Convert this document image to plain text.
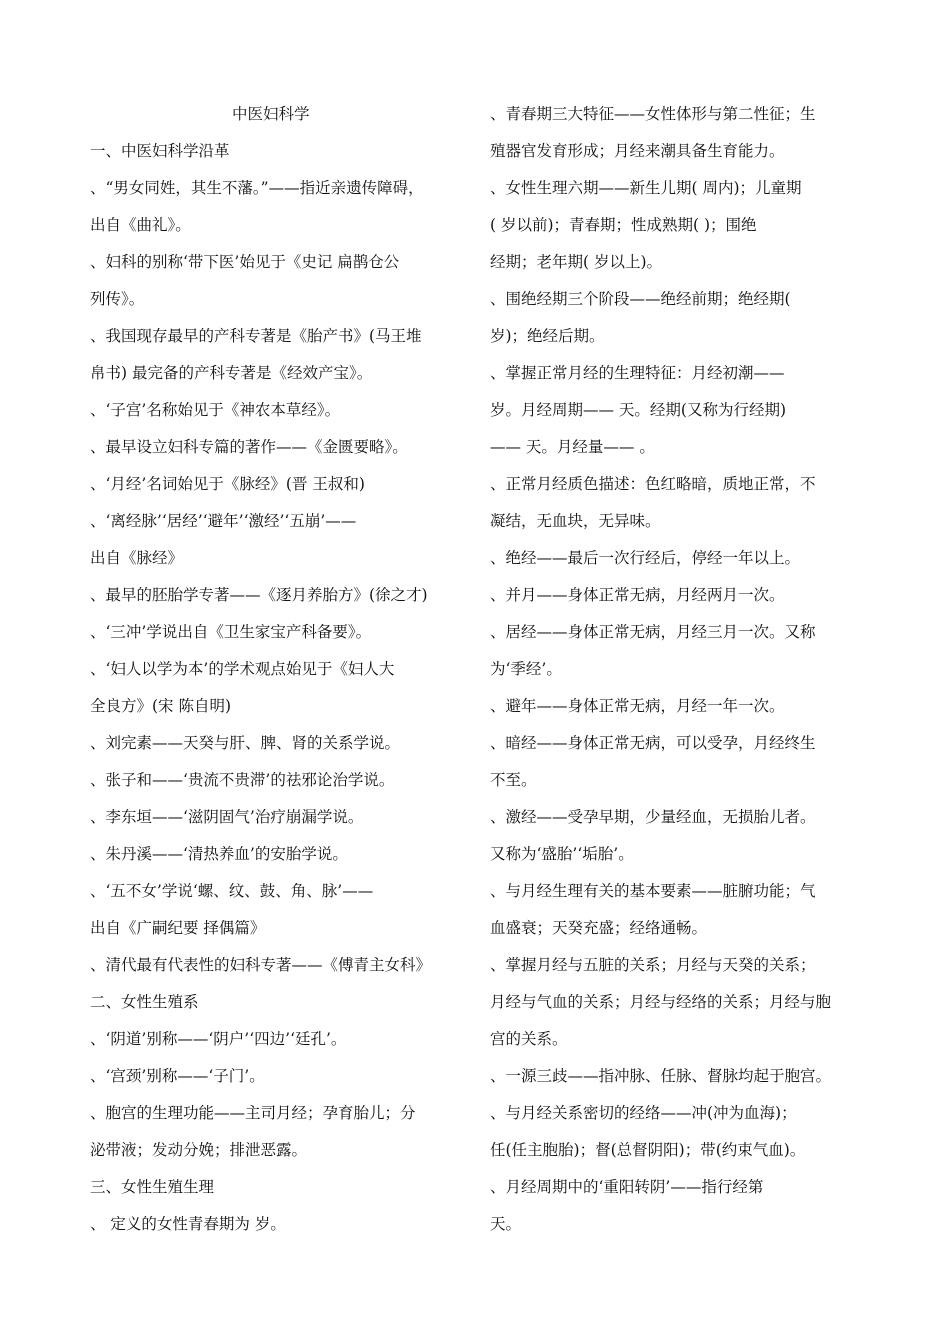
中医妇科学
一、中医妇科学沿革
、“男女同姓，其生不藩。”——指近亲遗传障碍，
出自《曲礼》。
、妇科的别称‘带下医’始见于《史记 扁鹊仓公
列传》。
、我国现存最早的产科专著是《胎产书》(马王堆
帛书) 最完备的产科专著是《经效产宝》。
、‘子宫’名称始见于《神农本草经》。
、最早设立妇科专篇的著作——《金匮要略》。
、‘月经’名词始见于《脉经》(晋 王叔和)
、‘离经脉’‘居经’‘避年’‘激经’‘五崩’——
出自《脉经》
、最早的胚胎学专著——《逐月养胎方》(徐之才)
、‘三冲’学说出自《卫生家宝产科备要》。
、‘妇人以学为本’的学术观点始见于《妇人大
全良方》(宋 陈自明)
、刘完素——天癸与肝、脾、肾的关系学说。
、张子和——‘贵流不贵滞’的祛邪论治学说。
、李东垣——‘滋阴固气’治疗崩漏学说。
、朱丹溪——‘清热养血’的安胎学说。
、‘五不女’学说‘螺、纹、鼓、角、脉’——
出自《广嗣纪要 择偶篇》
、清代最有代表性的妇科专著——《傅青主女科》
二、女性生殖系
、‘阴道’别称——‘阴户’‘四边’‘廷孔’。
、‘宫颈’别称——‘子门’。
、胞宫的生理功能——主司月经；孕育胎儿；分
泌带液；发动分娩；排泄恶露。
三、女性生殖生理
、 定义的女性青春期为 岁。
、青春期三大特征——女性体形与第二性征；生
殖器官发育形成；月经来潮具备生育能力。
、女性生理六期——新生儿期( 周内)；儿童期
( 岁以前)；青春期；性成熟期( )；围绝
经期；老年期( 岁以上)。
、围绝经期三个阶段——绝经前期；绝经期(
岁)；绝经后期。
、掌握正常月经的生理特征：月经初潮——
岁。月经周期—— 天。经期(又称为行经期)
—— 天。月经量—— 。
、正常月经质色描述：色红略暗，质地正常，不
凝结，无血块，无异味。
、绝经——最后一次行经后，停经一年以上。
、并月——身体正常无病，月经两月一次。
、居经——身体正常无病，月经三月一次。又称
为‘季经’。
、避年——身体正常无病，月经一年一次。
、暗经——身体正常无病，可以受孕，月经终生
不至。
、激经——受孕早期，少量经血，无损胎儿者。
又称为‘盛胎’‘垢胎’。
、与月经生理有关的基本要素——脏腑功能；气
血盛衰；天癸充盛；经络通畅。
、掌握月经与五脏的关系；月经与天癸的关系；
月经与气血的关系；月经与经络的关系；月经与胞
宫的关系。
、一源三歧——指冲脉、任脉、督脉均起于胞宫。
、与月经关系密切的经络——冲(冲为血海)；
任(任主胞胎)；督(总督阴阳)；带(约束气血)。
、月经周期中的‘重阳转阴’——指行经第
天。
